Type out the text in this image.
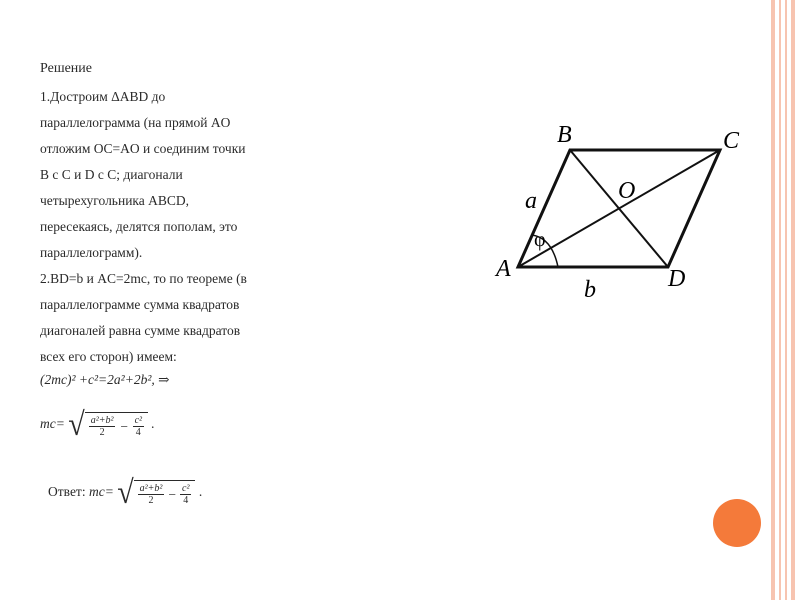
Решение
1.Достроим ΔABD до
параллелограмма (на прямой AO
отложим OC=AO и соединим точки
B с C и D с C; диагонали
четырехугольника ABCD,
пересекаясь, делятся пополам, это
параллелограмм).
2.BD=b и AC=2mc, то по теореме (в
параллелограмме сумма квадратов
диагоналей равна сумме квадратов
всех его сторон) имеем:
(2mc)² +c²=2a²+2b², ⇒
mc= √ $\frac{\text{a²+b²}}{2} - \frac{\text{c²}}{4}$ .
Ответ: mc= √ $\frac{\text{a²+b²}}{2} - \frac{\text{c²}}{4}$ .
A
B	C
D
O
a
b
φ
